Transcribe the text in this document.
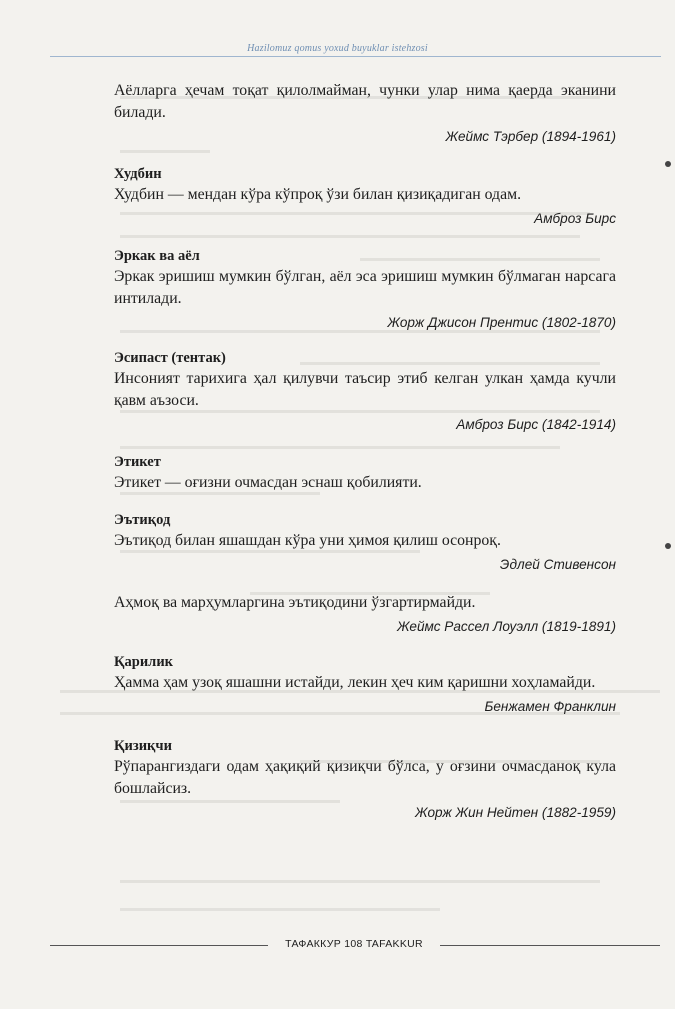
Hazilomuz qomus yoxud buyuklar istehzosi

Аёлларга ҳечам тоқат қилолмайман, чунки улар нима қаерда эканини билади.

Жеймс Тэрбер (1894-1961)

Худбин

Худбин — мендан кўра кўпроқ ўзи билан қизиқадиган одам.

Амброз Бирс

Эркак ва аёл

Эркак эришиш мумкин бўлган, аёл эса эришиш мумкин бўлмаган нарсага интилади.

Жорж Джисон Прентис (1802-1870)

Эсипаст (тентак)

Инсоният тарихига ҳал қилувчи таъсир этиб келган улкан ҳамда кучли қавм аъзоси.

Амброз Бирс (1842-1914)

Этикет

Этикет — оғизни очмасдан эснаш қобилияти.

Эътиқод

Эътиқод билан яшашдан кўра уни ҳимоя қилиш осонроқ.

Эдлей Стивенсон

Аҳмоқ ва марҳумларгина эътиқодини ўзгартирмайди.

Жеймс Рассел Лоуэлл (1819-1891)

Қарилик

Ҳамма ҳам узоқ яшашни истайди, лекин ҳеч ким қаришни хоҳламайди.

Бенжамен Франклин

Қизиқчи

Рўпарангиздаги одам ҳақиқий қизиқчи бўлса, у оғзини очмасданоқ кула бошлайсиз.

Жорж Жин Нейтен (1882-1959)

ТАФАККУР 108 TAFAKKUR
